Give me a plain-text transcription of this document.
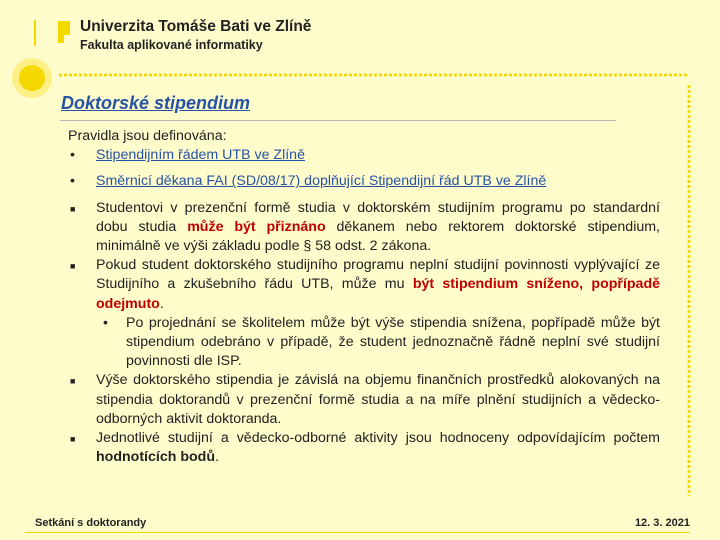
Univerzita Tomáše Bati ve Zlíně
Fakulta aplikované informatiky
Doktorské stipendium

Pravidla jsou definována:

• Stipendijním řádem UTB ve Zlíně

• Směrnicí děkana FAI (SD/08/17) doplňující Stipendijní řád UTB ve Zlíně

■ Studentovi v prezenční formě studia v doktorském studijním programu po standardní dobu studia může být přiznáno děkanem nebo rektorem doktorské stipendium, minimálně ve výši základu podle § 58 odst. 2 zákona.

■ Pokud student doktorského studijního programu neplní studijní povinnosti vyplývající ze Studijního a zkušebního řádu UTB, může mu být stipendium sníženo, popřípadě odejmuto.

• Po projednání se školitelem může být výše stipendia snížena, popřípadě může být stipendium odebráno v případě, že student jednoznačně řádně neplní své studijní povinnosti dle ISP.

■ Výše doktorského stipendia je závislá na objemu finančních prostředků alokovaných na stipendia doktorandů v prezenční formě studia a na míře plnění studijních a vědecko-odborných aktivit doktoranda.

■ Jednotlivé studijní a vědecko-odborné aktivity jsou hodnoceny odpovídajícím počtem hodnotících bodů.

Setkání s doktorandy	12. 3. 2021
